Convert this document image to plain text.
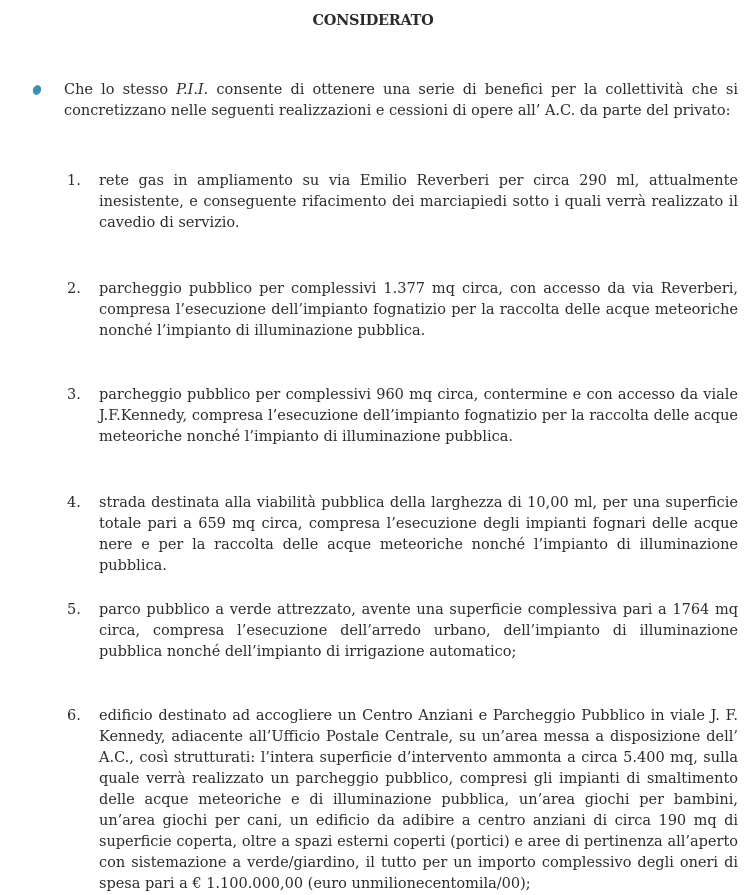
CONSIDERATO
Che lo stesso P.I.I. consente di ottenere una serie di benefici per la collettività che si concretizzano nelle seguenti realizzazioni e cessioni di opere all’ A.C. da parte del privato:
1. rete gas in ampliamento su via Emilio Reverberi per circa 290 ml, attualmente inesistente, e conseguente rifacimento dei marciapiedi sotto i quali verrà realizzato il cavedio di servizio.
2. parcheggio pubblico per complessivi 1.377 mq circa, con accesso da via Reverberi, compresa l’esecuzione dell’impianto fognatizio per la raccolta delle acque meteoriche nonché l’impianto di illuminazione pubblica.
3. parcheggio pubblico per complessivi 960 mq circa, contermine e con accesso da viale J.F.Kennedy, compresa l’esecuzione dell’impianto fognatizio per la raccolta delle acque meteoriche nonché l’impianto di illuminazione pubblica.
4. strada destinata alla viabilità pubblica della larghezza di 10,00 ml, per una superficie totale pari a 659 mq circa, compresa l’esecuzione degli impianti fognari delle acque nere e per la raccolta delle acque meteoriche nonché l’impianto di illuminazione pubblica.
5. parco pubblico a verde attrezzato, avente una superficie complessiva pari a 1764 mq circa, compresa l’esecuzione dell’arredo urbano, dell’impianto di illuminazione pubblica nonché dell’impianto di irrigazione automatico;
6. edificio destinato ad accogliere un Centro Anziani e Parcheggio Pubblico in viale J. F. Kennedy, adiacente all’Ufficio Postale Centrale, su un’area messa a disposizione dell’ A.C., così strutturati: l’intera superficie d’intervento ammonta a circa 5.400 mq, sulla quale verrà realizzato un parcheggio pubblico, compresi gli impianti di smaltimento delle acque meteoriche e di illuminazione pubblica, un’area giochi per bambini, un’area giochi per cani, un edificio da adibire a centro anziani di circa 190 mq di superficie coperta, oltre a spazi esterni coperti (portici) e aree di pertinenza all’aperto con sistemazione a verde/giardino, il tutto per un importo complessivo degli oneri di spesa pari a € 1.100.000,00 (euro unmilionecentomila/00);
